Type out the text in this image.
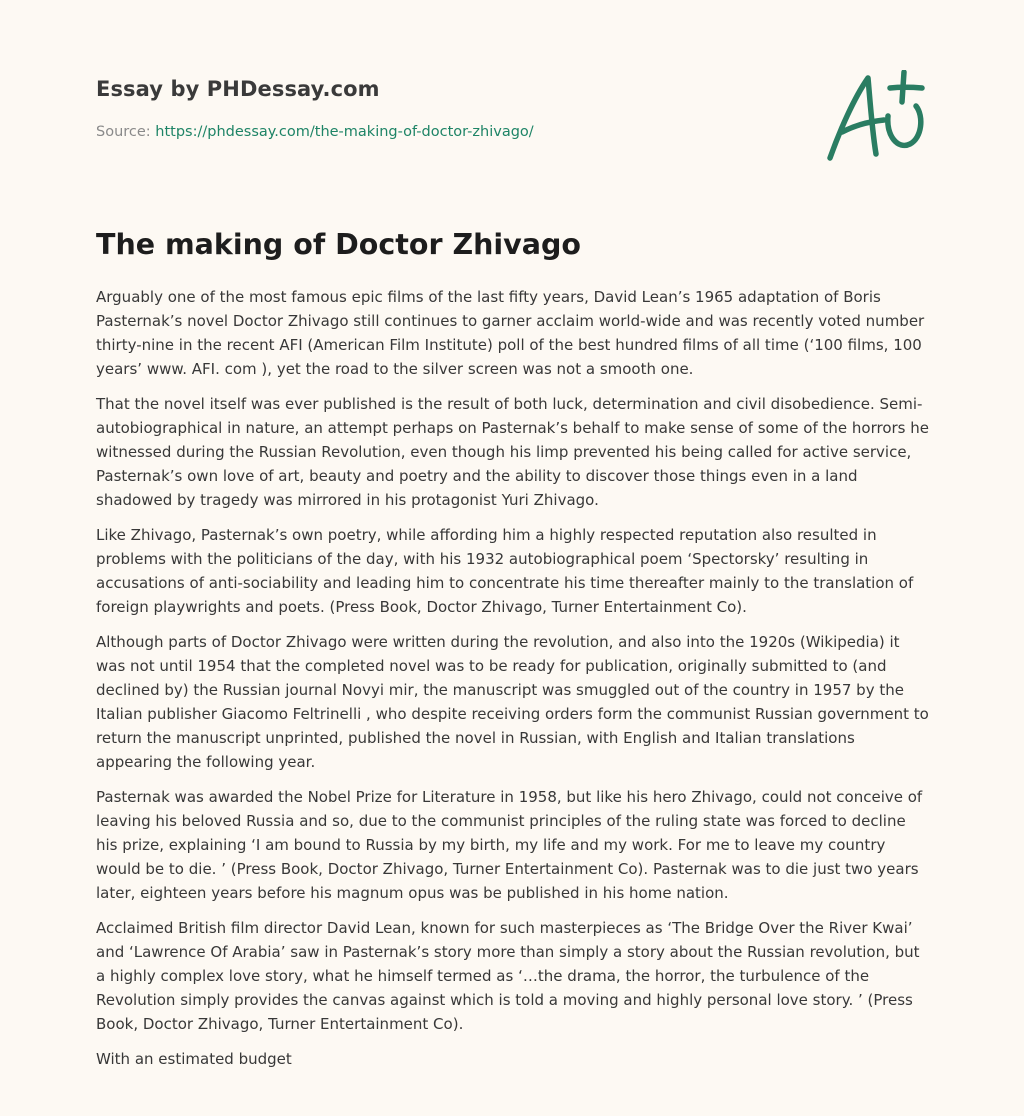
Essay by PHDessay.com
Source: https://phdessay.com/the-making-of-doctor-zhivago/
The making of Doctor Zhivago

Arguably one of the most famous epic films of the last fifty years, David Lean’s 1965 adaptation of Boris Pasternak’s novel Doctor Zhivago still continues to garner acclaim world-wide and was recently voted number thirty-nine in the recent AFI (American Film Institute) poll of the best hundred films of all time (‘100 films, 100 years’ www. AFI. com ), yet the road to the silver screen was not a smooth one.

That the novel itself was ever published is the result of both luck, determination and civil disobedience. Semi-autobiographical in nature, an attempt perhaps on Pasternak’s behalf to make sense of some of the horrors he witnessed during the Russian Revolution, even though his limp prevented his being called for active service, Pasternak’s own love of art, beauty and poetry and the ability to discover those things even in a land shadowed by tragedy was mirrored in his protagonist Yuri Zhivago.

Like Zhivago, Pasternak’s own poetry, while affording him a highly respected reputation also resulted in problems with the politicians of the day, with his 1932 autobiographical poem ‘Spectorsky’ resulting in accusations of anti-sociability and leading him to concentrate his time thereafter mainly to the translation of foreign playwrights and poets. (Press Book, Doctor Zhivago, Turner Entertainment Co).

Although parts of Doctor Zhivago were written during the revolution, and also into the 1920s (Wikipedia) it was not until 1954 that the completed novel was to be ready for publication, originally submitted to (and declined by) the Russian journal Novyi mir, the manuscript was smuggled out of the country in 1957 by the Italian publisher Giacomo Feltrinelli , who despite receiving orders form the communist Russian government to return the manuscript unprinted, published the novel in Russian, with English and Italian translations appearing the following year.

Pasternak was awarded the Nobel Prize for Literature in 1958, but like his hero Zhivago, could not conceive of leaving his beloved Russia and so, due to the communist principles of the ruling state was forced to decline his prize, explaining ‘I am bound to Russia by my birth, my life and my work. For me to leave my country would be to die. ’ (Press Book, Doctor Zhivago, Turner Entertainment Co). Pasternak was to die just two years later, eighteen years before his magnum opus was be published in his home nation.

Acclaimed British film director David Lean, known for such masterpieces as ‘The Bridge Over the River Kwai’ and ‘Lawrence Of Arabia’ saw in Pasternak’s story more than simply a story about the Russian revolution, but a highly complex love story, what he himself termed as ‘…the drama, the horror, the turbulence of the Revolution simply provides the canvas against which is told a moving and highly personal love story. ’ (Press Book, Doctor Zhivago, Turner Entertainment Co).

With an estimated budget
